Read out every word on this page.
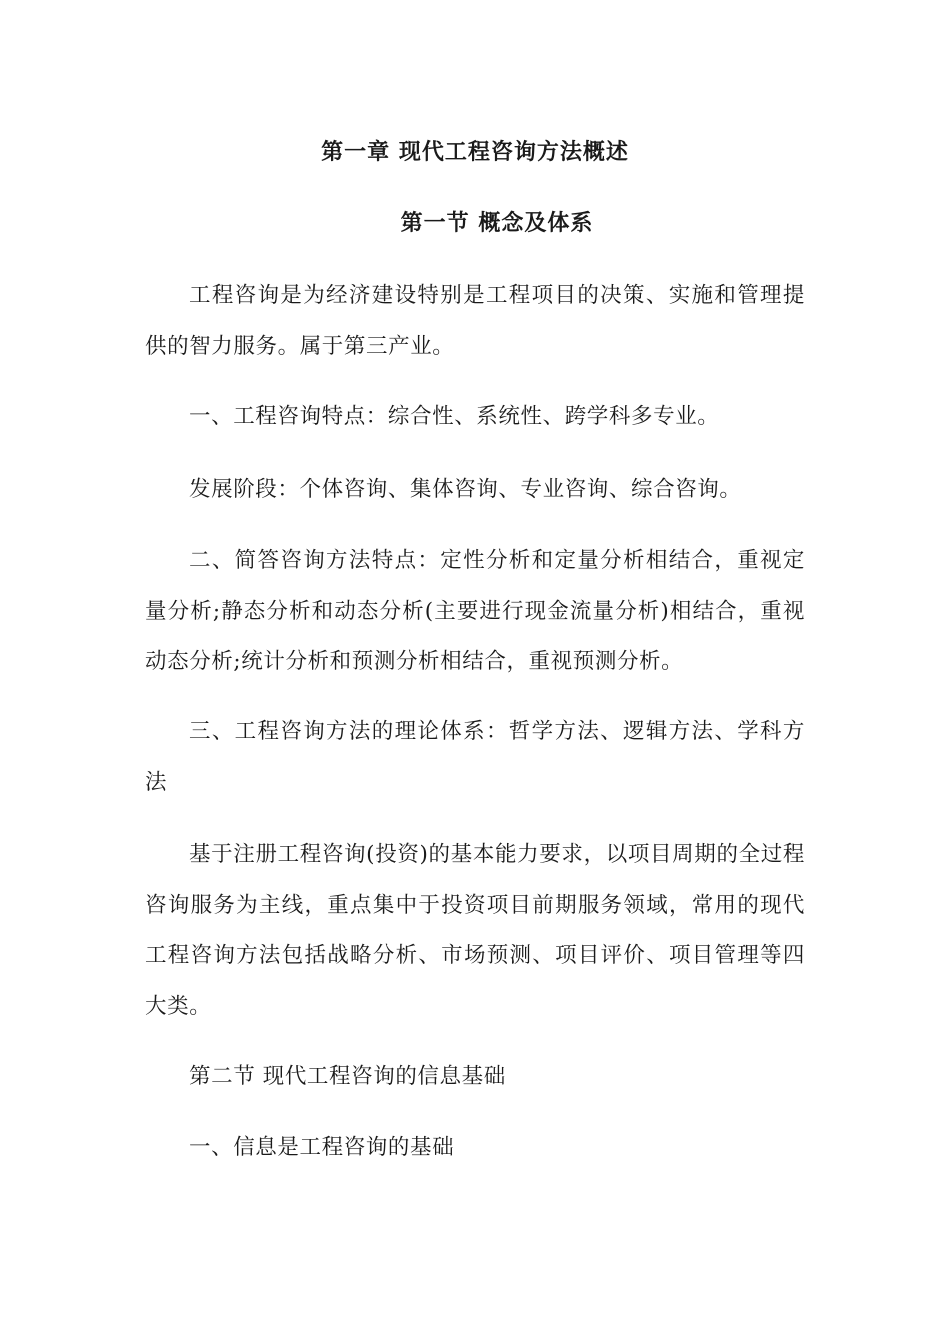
第一章 现代工程咨询方法概述
第一节 概念及体系

工程咨询是为经济建设特别是工程项目的决策、实施和管理提供的智力服务。属于第三产业。

一、工程咨询特点：综合性、系统性、跨学科多专业。

发展阶段：个体咨询、集体咨询、专业咨询、综合咨询。

二、简答咨询方法特点：定性分析和定量分析相结合，重视定量分析;静态分析和动态分析(主要进行现金流量分析)相结合，重视动态分析;统计分析和预测分析相结合，重视预测分析。

三、工程咨询方法的理论体系：哲学方法、逻辑方法、学科方法

基于注册工程咨询(投资)的基本能力要求，以项目周期的全过程咨询服务为主线，重点集中于投资项目前期服务领域，常用的现代工程咨询方法包括战略分析、市场预测、项目评价、项目管理等四大类。

第二节 现代工程咨询的信息基础

一、信息是工程咨询的基础
